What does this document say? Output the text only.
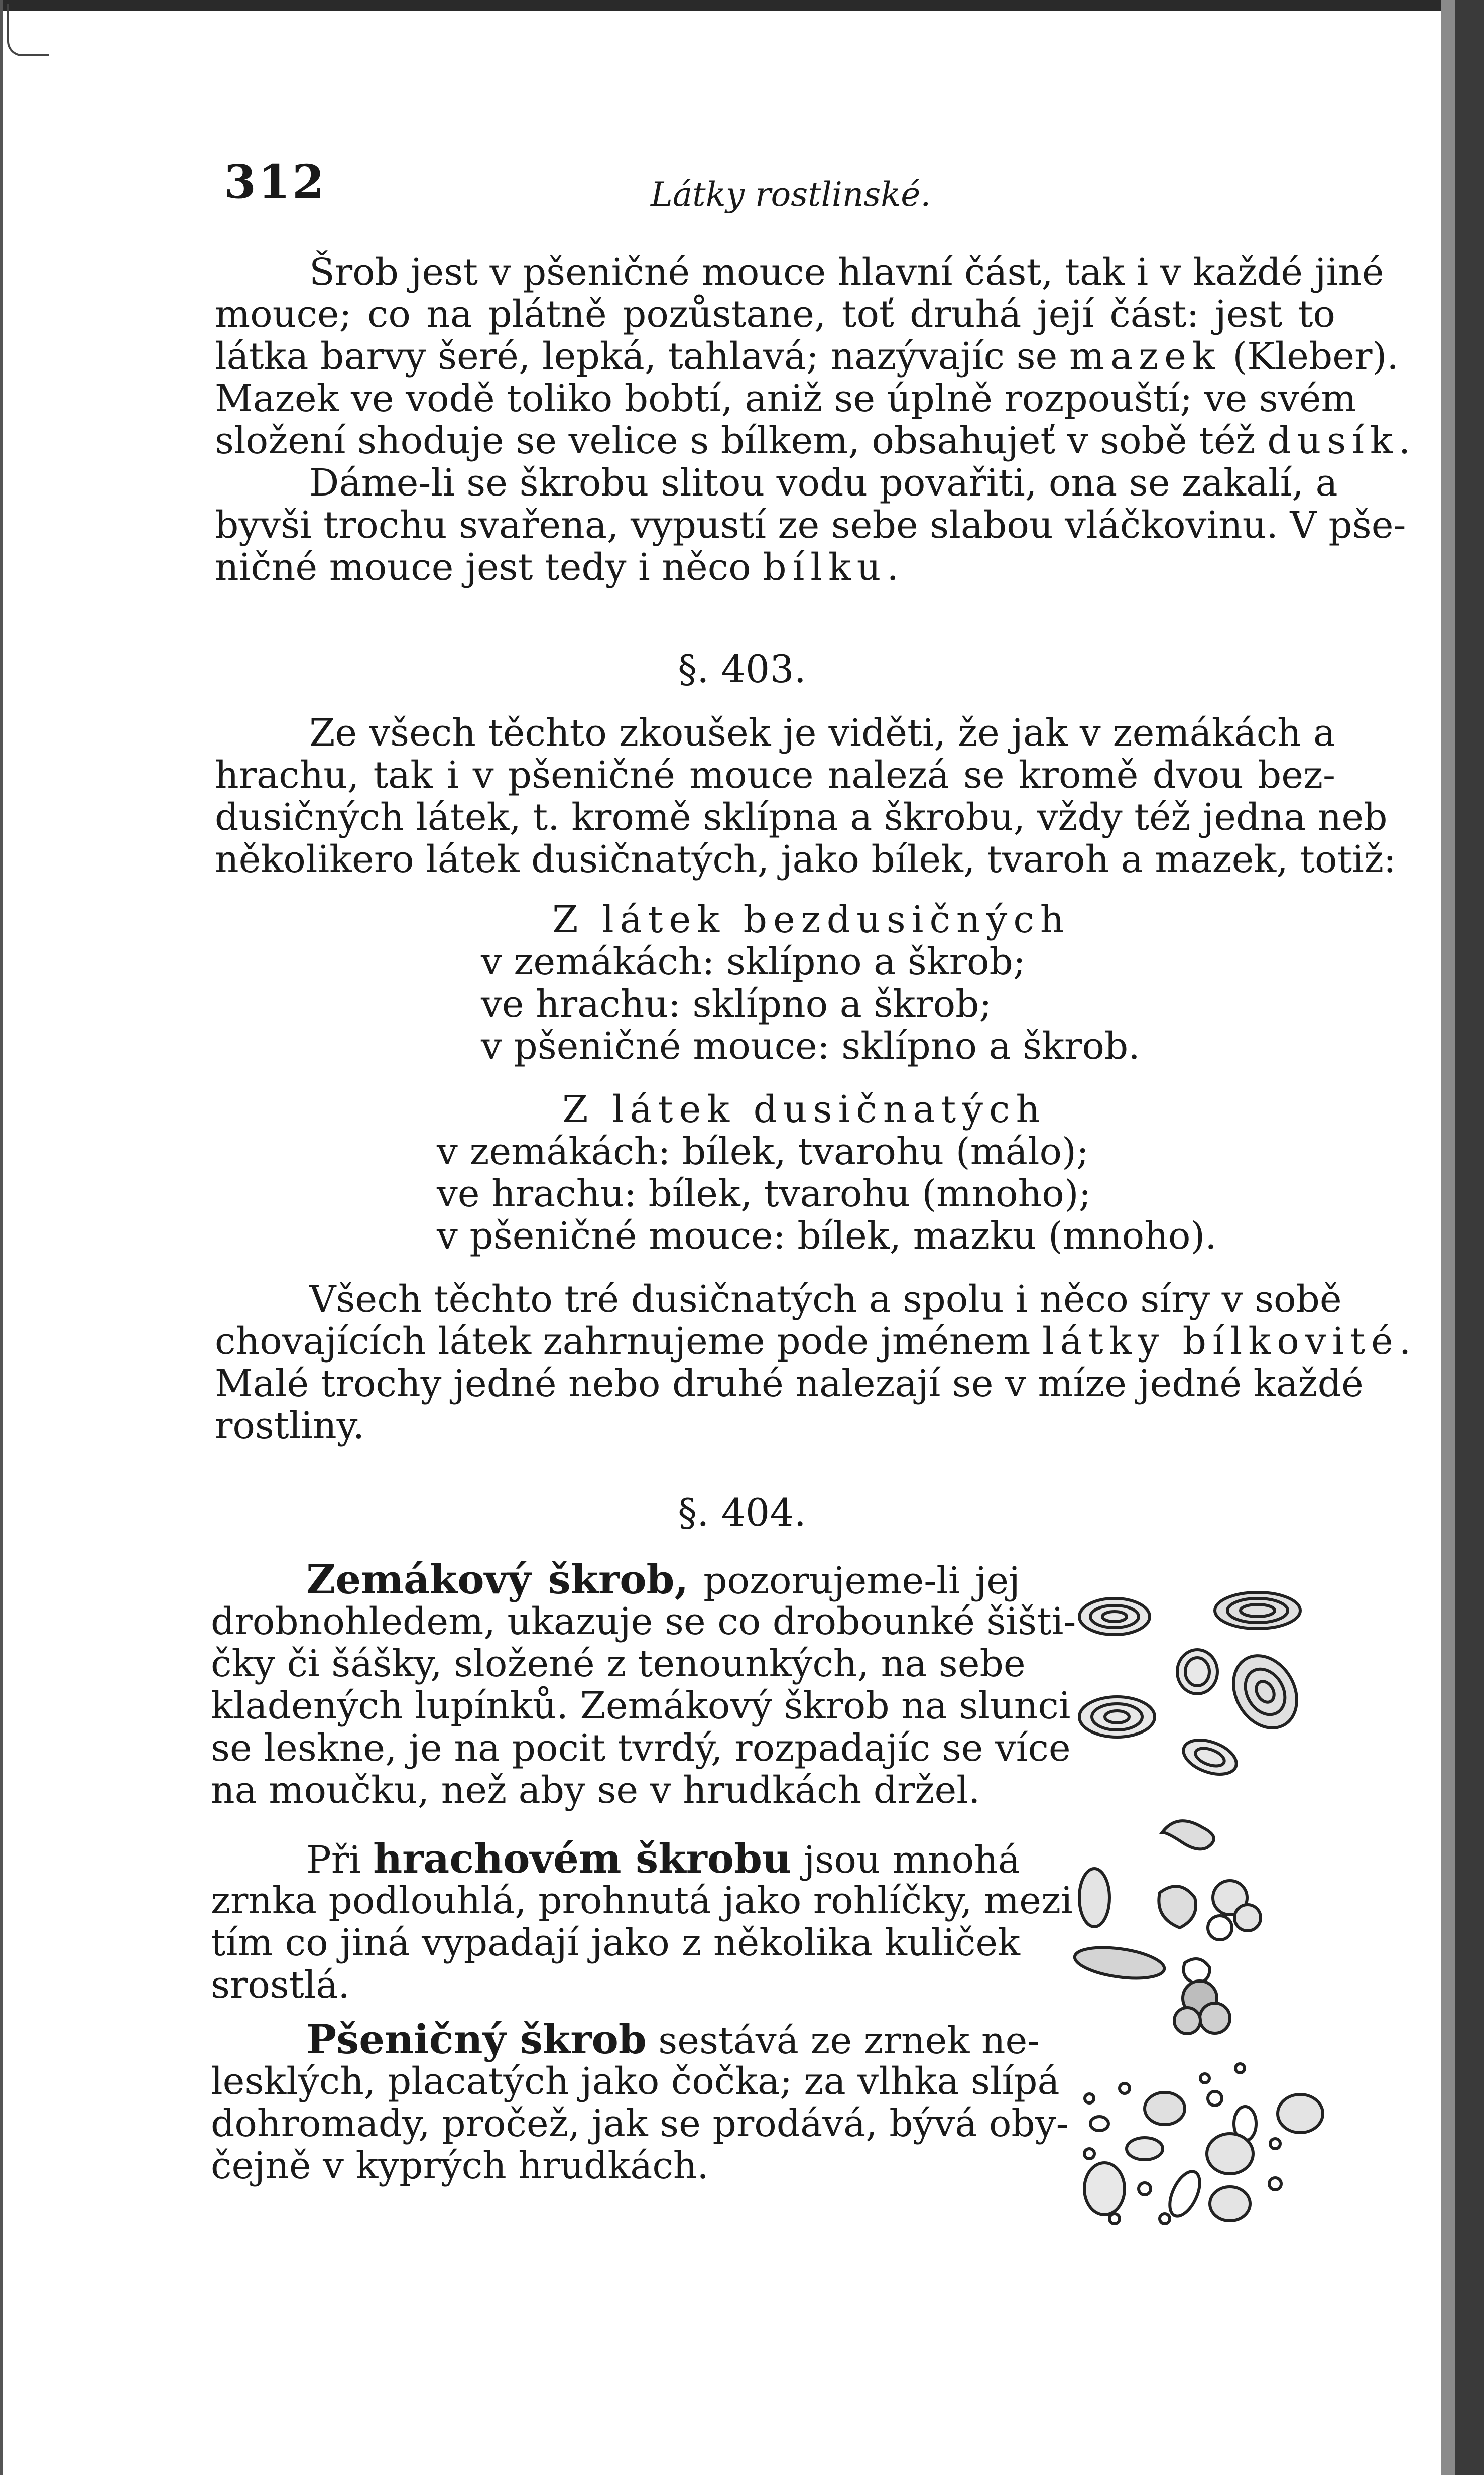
312	Látky rostlinské.
Šrob jest v pšeničné mouce hlavní část, tak i v každé jiné
mouce; co na plátně pozůstane, toť druhá její část: jest to
látka barvy šeré, lepká, tahlavá; nazývajíc se mazek (Kleber).
Mazek ve vodě toliko bobtí, aniž se úplně rozpouští; ve svém
složení shoduje se velice s bílkem, obsahujeť v sobě též dusík.
Dáme-li se škrobu slitou vodu povařiti, ona se zakalí, a
byvši trochu svařena, vypustí ze sebe slabou vláčkovinu. V pše-
ničné mouce jest tedy i něco bílku.
§. 403.
Ze všech těchto zkoušek je viděti, že jak v zemákách a
hrachu, tak i v pšeničné mouce nalezá se kromě dvou bez-
dusičných látek, t. kromě sklípna a škrobu, vždy též jedna neb
několikero látek dusičnatých, jako bílek, tvaroh a mazek, totiž:
Z látek bezdusičných
v zemákách: sklípno a škrob;
ve hrachu: sklípno a škrob;
v pšeničné mouce: sklípno a škrob.
Z látek dusičnatých
v zemákách: bílek, tvarohu (málo);
ve hrachu: bílek, tvarohu (mnoho);
v pšeničné mouce: bílek, mazku (mnoho).
Všech těchto tré dusičnatých a spolu i něco síry v sobě
chovajících látek zahrnujeme pode jménem látky bílkovité.
Malé trochy jedné nebo druhé nalezají se v míze jedné každé
rostliny.
§. 404.
Zemákový škrob, pozorujeme-li jej
drobnohledem, ukazuje se co drobounké šišti-
čky či šášky, složené z tenounkých, na sebe
kladených lupínků. Zemákový škrob na slunci
se leskne, je na pocit tvrdý, rozpadajíc se více
na moučku, než aby se v hrudkách držel.
Při hrachovém škrobu jsou mnohá
zrnka podlouhlá, prohnutá jako rohlíčky, mezi
tím co jiná vypadají jako z několika kuliček
srostlá.
Pšeničný škrob sestává ze zrnek ne-
lesklých, placatých jako čočka; za vlhka slípá
dohromady, pročež, jak se prodává, bývá oby-
čejně v kyprých hrudkách.
